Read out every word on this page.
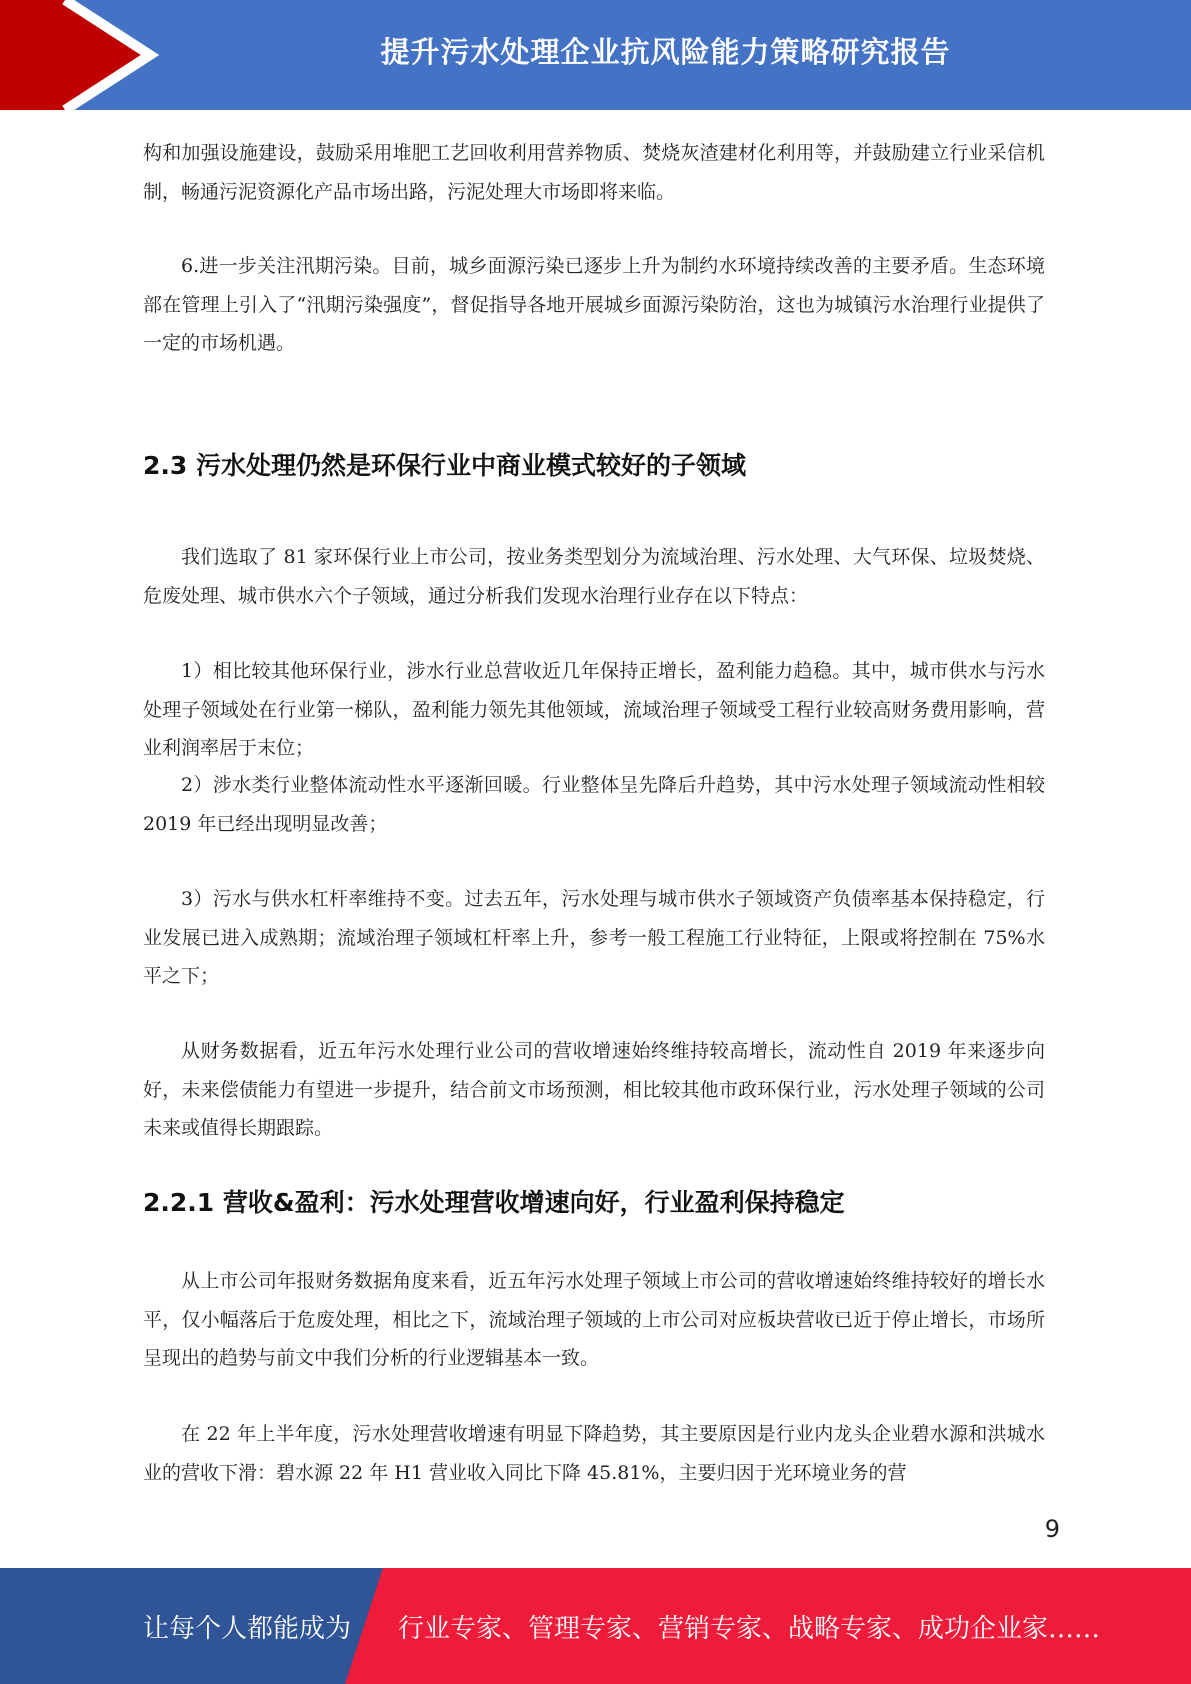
提升污水处理企业抗风险能力策略研究报告

构和加强设施建设，鼓励采用堆肥工艺回收利用营养物质、焚烧灰渣建材化利用等，并鼓励建立行业采信机制，畅通污泥资源化产品市场出路，污泥处理大市场即将来临。

6.进一步关注汛期污染。目前，城乡面源污染已逐步上升为制约水环境持续改善的主要矛盾。生态环境部在管理上引入了“汛期污染强度”，督促指导各地开展城乡面源污染防治，这也为城镇污水治理行业提供了一定的市场机遇。

2.3 污水处理仍然是环保行业中商业模式较好的子领域

我们选取了 81 家环保行业上市公司，按业务类型划分为流域治理、污水处理、大气环保、垃圾焚烧、危废处理、城市供水六个子领域，通过分析我们发现水治理行业存在以下特点：

1）相比较其他环保行业，涉水行业总营收近几年保持正增长，盈利能力趋稳。其中，城市供水与污水处理子领域处在行业第一梯队，盈利能力领先其他领域，流域治理子领域受工程行业较高财务费用影响，营业利润率居于末位；

2）涉水类行业整体流动性水平逐渐回暖。行业整体呈先降后升趋势，其中污水处理子领域流动性相较 2019 年已经出现明显改善；

3）污水与供水杠杆率维持不变。过去五年，污水处理与城市供水子领域资产负债率基本保持稳定，行业发展已进入成熟期；流域治理子领域杠杆率上升，参考一般工程施工行业特征，上限或将控制在 75%水平之下；

从财务数据看，近五年污水处理行业公司的营收增速始终维持较高增长，流动性自 2019 年来逐步向好，未来偿债能力有望进一步提升，结合前文市场预测，相比较其他市政环保行业，污水处理子领域的公司未来或值得长期跟踪。

2.2.1 营收&盈利：污水处理营收增速向好，行业盈利保持稳定

从上市公司年报财务数据角度来看，近五年污水处理子领域上市公司的营收增速始终维持较好的增长水平，仅小幅落后于危废处理，相比之下，流域治理子领域的上市公司对应板块营收已近于停止增长，市场所呈现出的趋势与前文中我们分析的行业逻辑基本一致。

在 22 年上半年度，污水处理营收增速有明显下降趋势，其主要原因是行业内龙头企业碧水源和洪城水业的营收下滑：碧水源 22 年 H1 营业收入同比下降 45.81%，主要归因于光环境业务的营

9
让每个人都能成为 行业专家、管理专家、营销专家、战略专家、成功企业家……
